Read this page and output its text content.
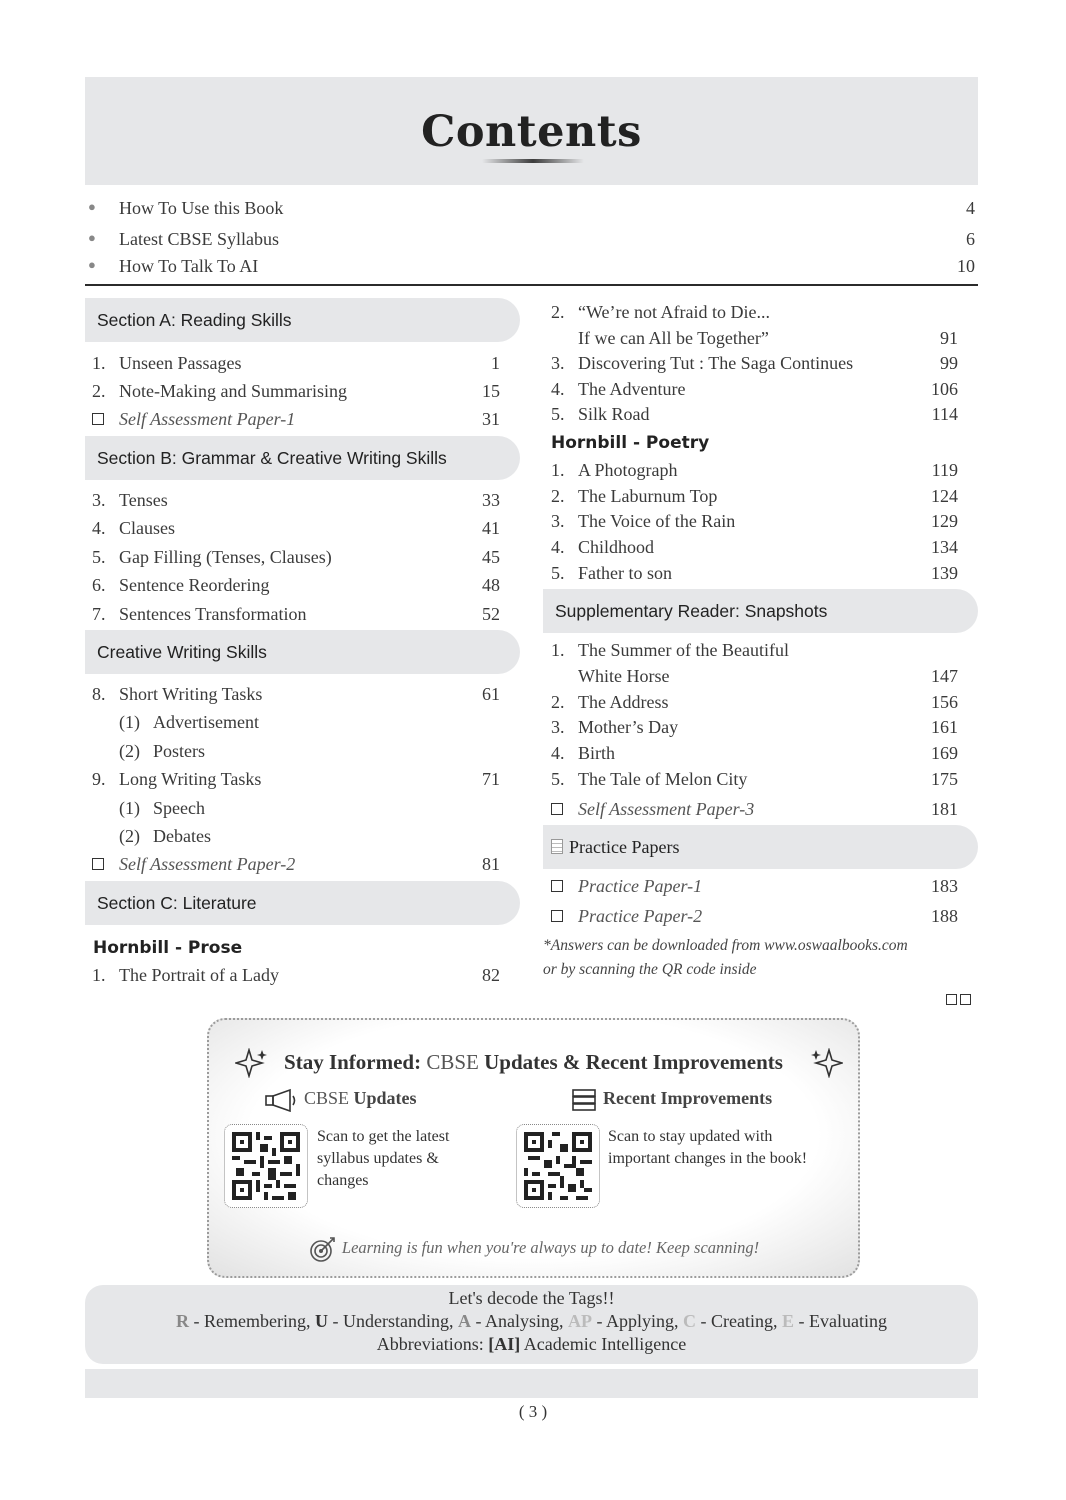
Contents
● How To Use this Book	4
● Latest CBSE Syllabus	6
● How To Talk To AI	10
Section A: Reading Skills
1. Unseen Passages	1
2. Note-Making and Summarising	15
Self Assessment Paper-1	31
Section B: Grammar & Creative Writing Skills
3. Tenses	33
4. Clauses	41
5. Gap Filling (Tenses, Clauses)	45
6. Sentence Reordering	48
7. Sentences Transformation	52
Creative Writing Skills
8. Short Writing Tasks	61
(1) Advertisement
(2) Posters
9. Long Writing Tasks	71
(1) Speech
(2) Debates
Self Assessment Paper-2	81
Section C: Literature
Hornbill - Prose
1. The Portrait of a Lady	82
2. “We’re not Afraid to Die...
If we can All be Together”	91
3. Discovering Tut : The Saga Continues	99
4. The Adventure	106
5. Silk Road	114
Hornbill - Poetry
1. A Photograph	119
2. The Laburnum Top	124
3. The Voice of the Rain	129
4. Childhood	134
5. Father to son	139
Supplementary Reader: Snapshots
1. The Summer of the Beautiful
White Horse	147
2. The Address	156
3. Mother’s Day	161
4. Birth	169
5. The Tale of Melon City	175
Self Assessment Paper-3	181
Practice Papers
Practice Paper-1	183
Practice Paper-2	188
*Answers can be downloaded from www.oswaalbooks.com
or by scanning the QR code inside
Stay Informed: CBSE Updates & Recent Improvements
CBSE Updates	Recent Improvements
Scan to get the latest syllabus updates & changes
Scan to stay updated with important changes in the book!
Learning is fun when you're always up to date! Keep scanning!
Let's decode the Tags!!
R - Remembering, U - Understanding, A - Analysing, AP - Applying, C - Creating, E - Evaluating
Abbreviations: [AI] Academic Intelligence
( 3 )
